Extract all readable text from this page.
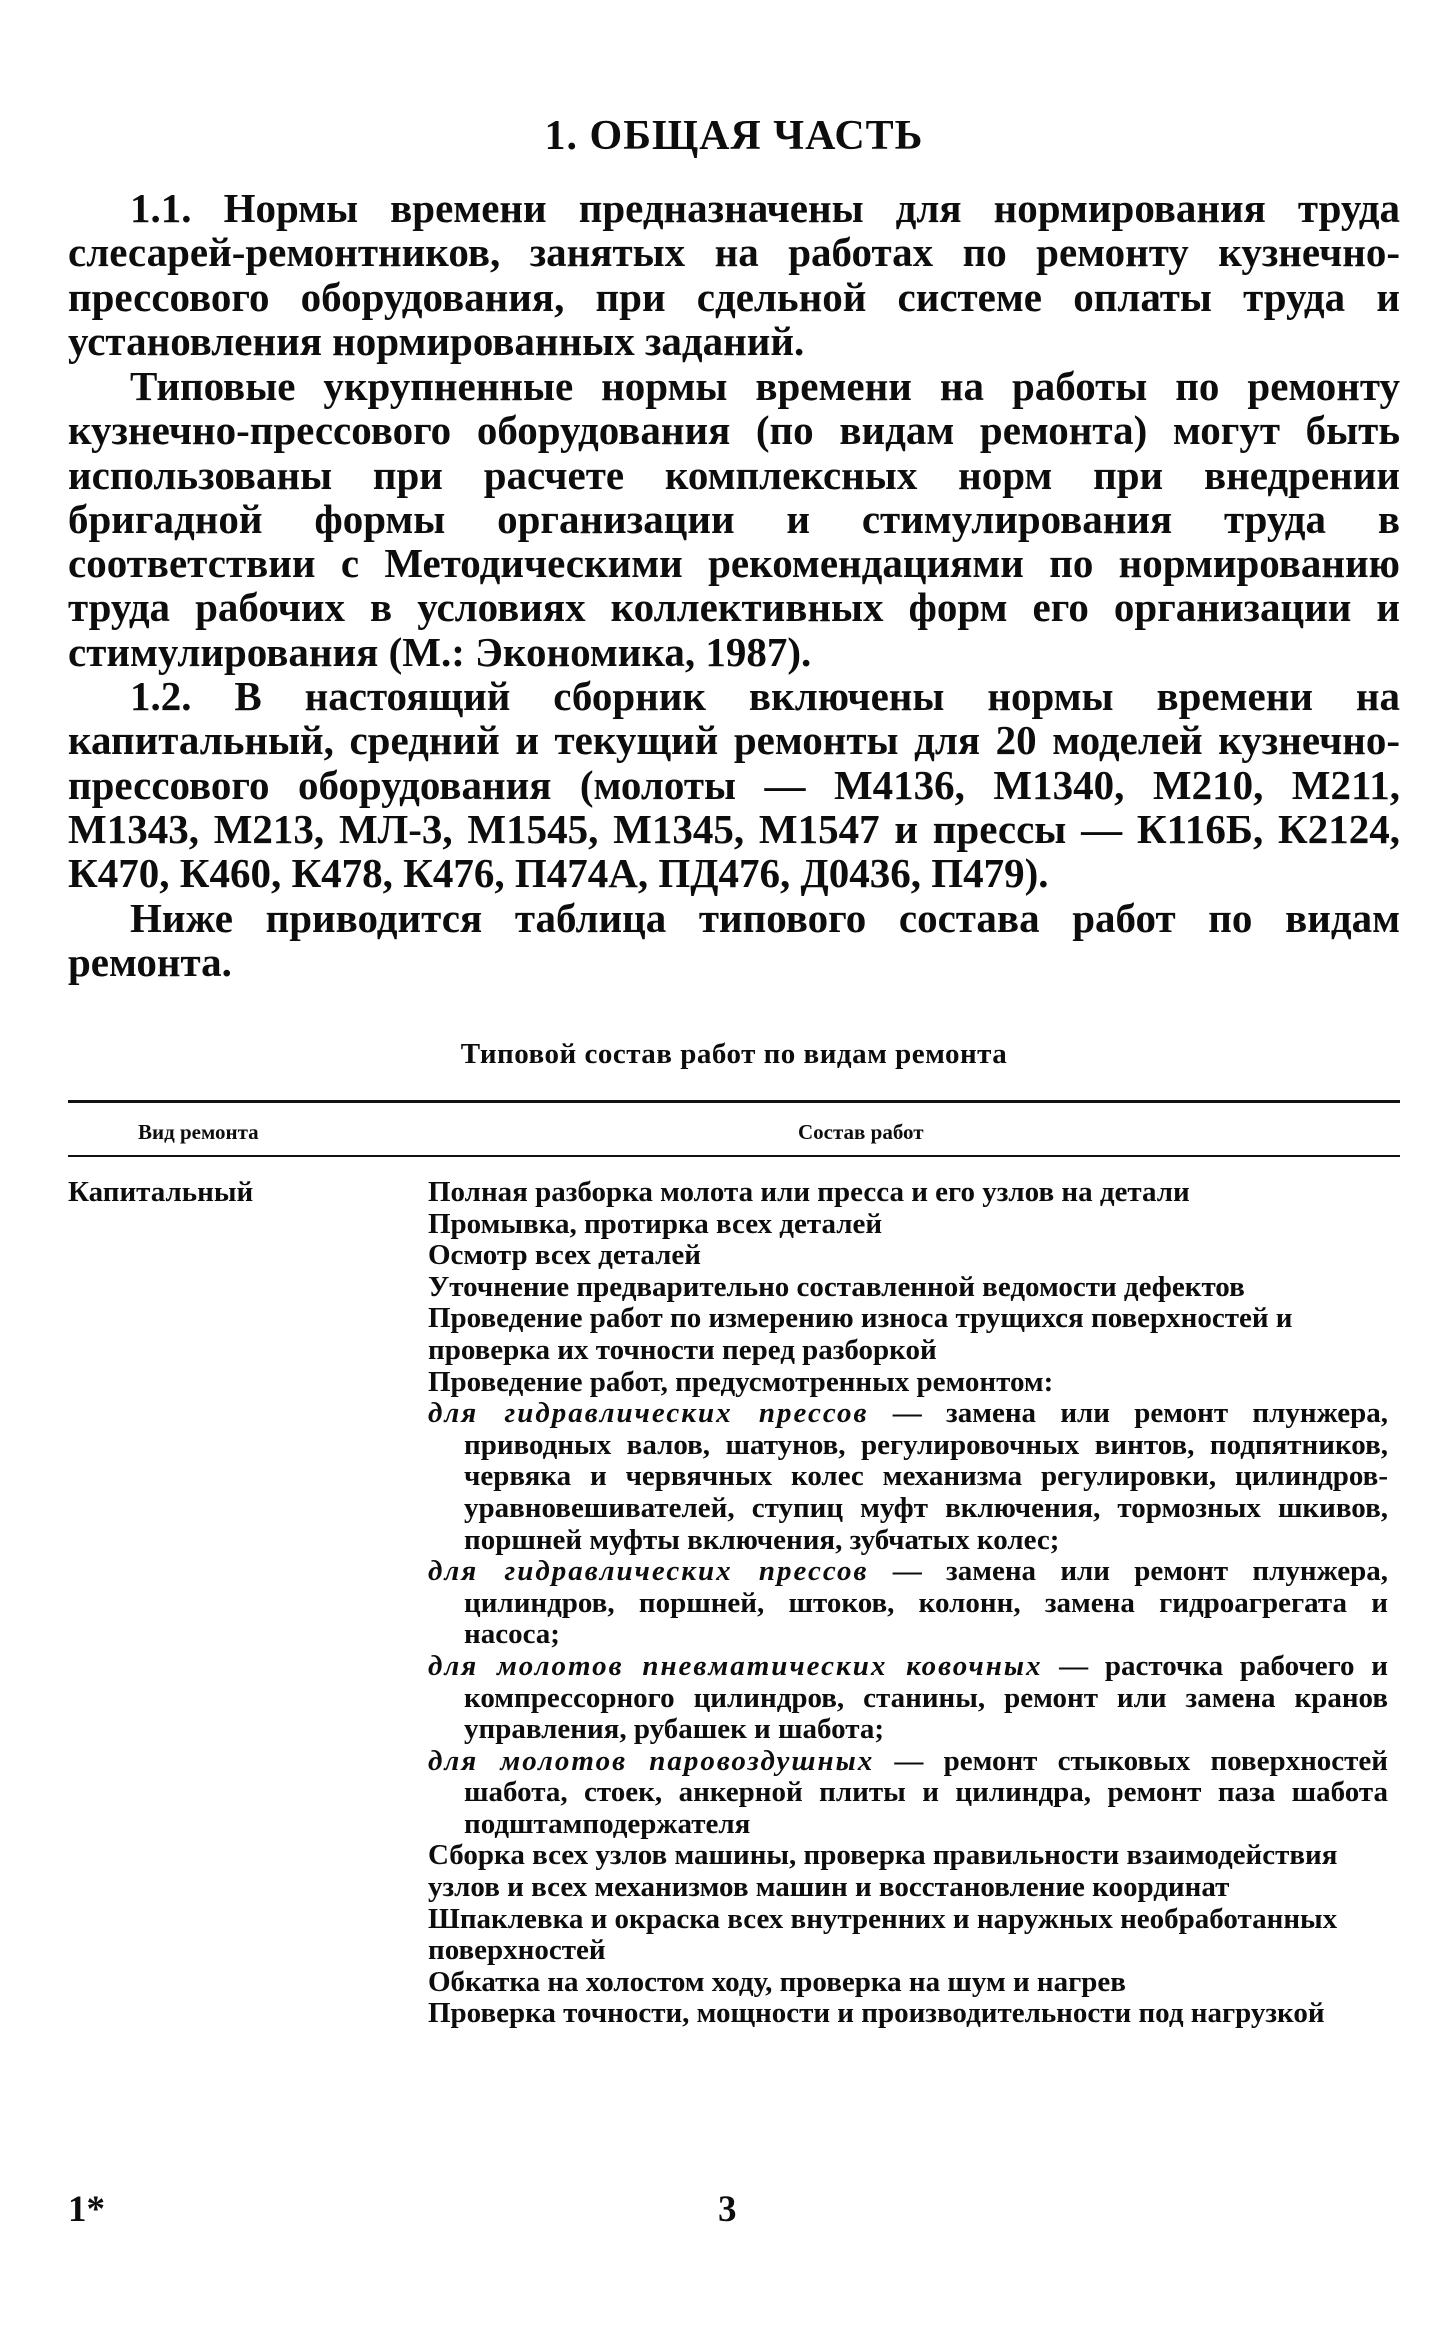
1. ОБЩАЯ ЧАСТЬ

1.1. Нормы времени предназначены для нормирования труда слесарей-ремонтников, занятых на работах по ремонту кузнечно-прессового оборудования, при сдельной системе оплаты труда и установления нормированных заданий.

Типовые укрупненные нормы времени на работы по ремонту кузнечно-прессового оборудования (по видам ремонта) могут быть использованы при расчете комплексных норм при внедрении бригадной формы организации и стимулирования труда в соответствии с Методическими рекомендациями по нормированию труда рабочих в условиях коллективных форм его организации и стимулирования (М.: Экономика, 1987).

1.2. В настоящий сборник включены нормы времени на капитальный, средний и текущий ремонты для 20 моделей кузнечно-прессового оборудования (молоты — М4136, М1340, М210, М211, М1343, М213, МЛ-3, М1545, М1345, М1547 и прессы — К116Б, К2124, К470, К460, К478, К476, П474А, ПД476, Д0436, П479).

Ниже приводится таблица типового состава работ по видам ремонта.

Типовой состав работ по видам ремонта
Вид ремонта	Состав работ
Капитальный	Полная разборка молота или пресса и его узлов на детали
Промывка, протирка всех деталей
Осмотр всех деталей
Уточнение предварительно составленной ведомости дефектов
Проведение работ по измерению износа трущихся поверхностей и проверка их точности перед разборкой
Проведение работ, предусмотренных ремонтом:
для гидравлических прессов — замена или ремонт плунжера, приводных валов, шатунов, регулировочных винтов, подпятников, червяка и червячных колес механизма регулировки, цилиндров-уравновешивателей, ступиц муфт включения, тормозных шкивов, поршней муфты включения, зубчатых колес;
для гидравлических прессов — замена или ремонт плунжера, цилиндров, поршней, штоков, колонн, замена гидроагрегата и насоса;
для молотов пневматических ковочных — расточка рабочего и компрессорного цилиндров, станины, ремонт или замена кранов управления, рубашек и шабота;
для молотов паровоздушных — ремонт стыковых поверхностей шабота, стоек, анкерной плиты и цилиндра, ремонт паза шабота подштамподержателя
Сборка всех узлов машины, проверка правильности взаимодействия узлов и всех механизмов машин и восстановление координат
Шпаклевка и окраска всех внутренних и наружных необработанных поверхностей
Обкатка на холостом ходу, проверка на шум и нагрев
Проверка точности, мощности и производительности под нагрузкой
1*	3
